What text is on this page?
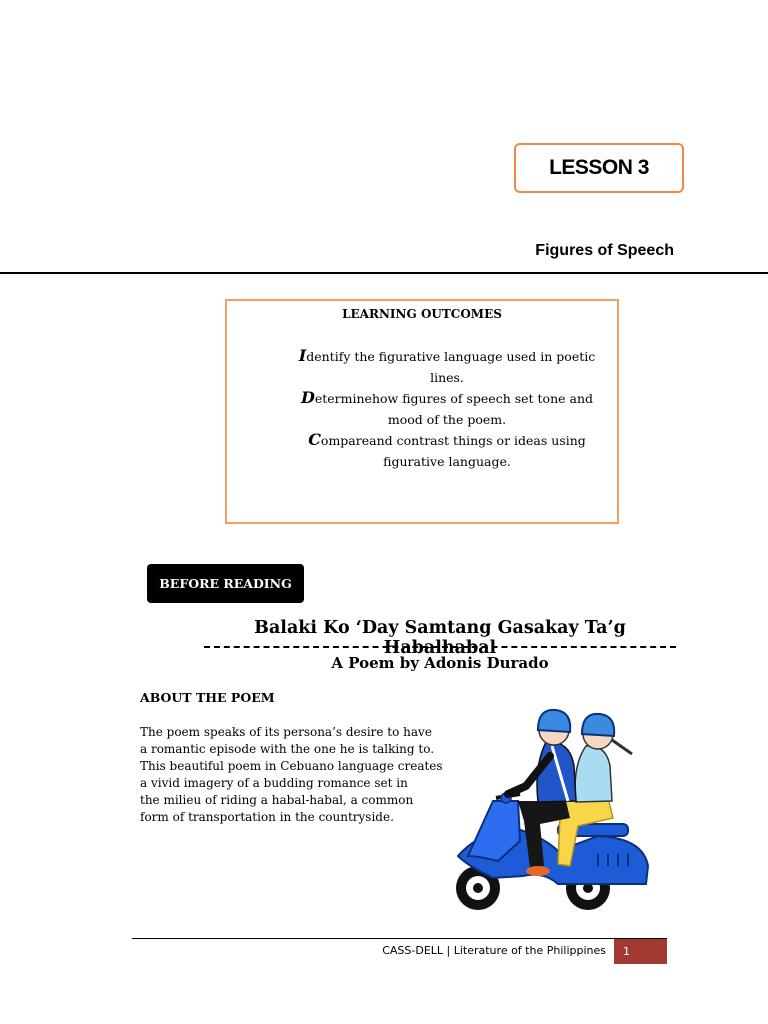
LESSON 3
Figures of Speech
LEARNING OUTCOMES
Identify the figurative language used in poetic
lines.
Determinehow figures of speech set tone and
mood of the poem.
Compareand contrast things or ideas using
figurative language.
BEFORE READING
Balaki Ko ‘Day Samtang Gasakay Ta’g Habalhabal
A Poem by Adonis Durado
ABOUT THE POEM
The poem speaks of its persona’s desire to have
a romantic episode with the one he is talking to.
This beautiful poem in Cebuano language creates
a vivid imagery of a budding romance set in
the milieu of riding a habal-habal, a common
form of transportation in the countryside.
CASS-DELL | Literature of the Philippines	1
